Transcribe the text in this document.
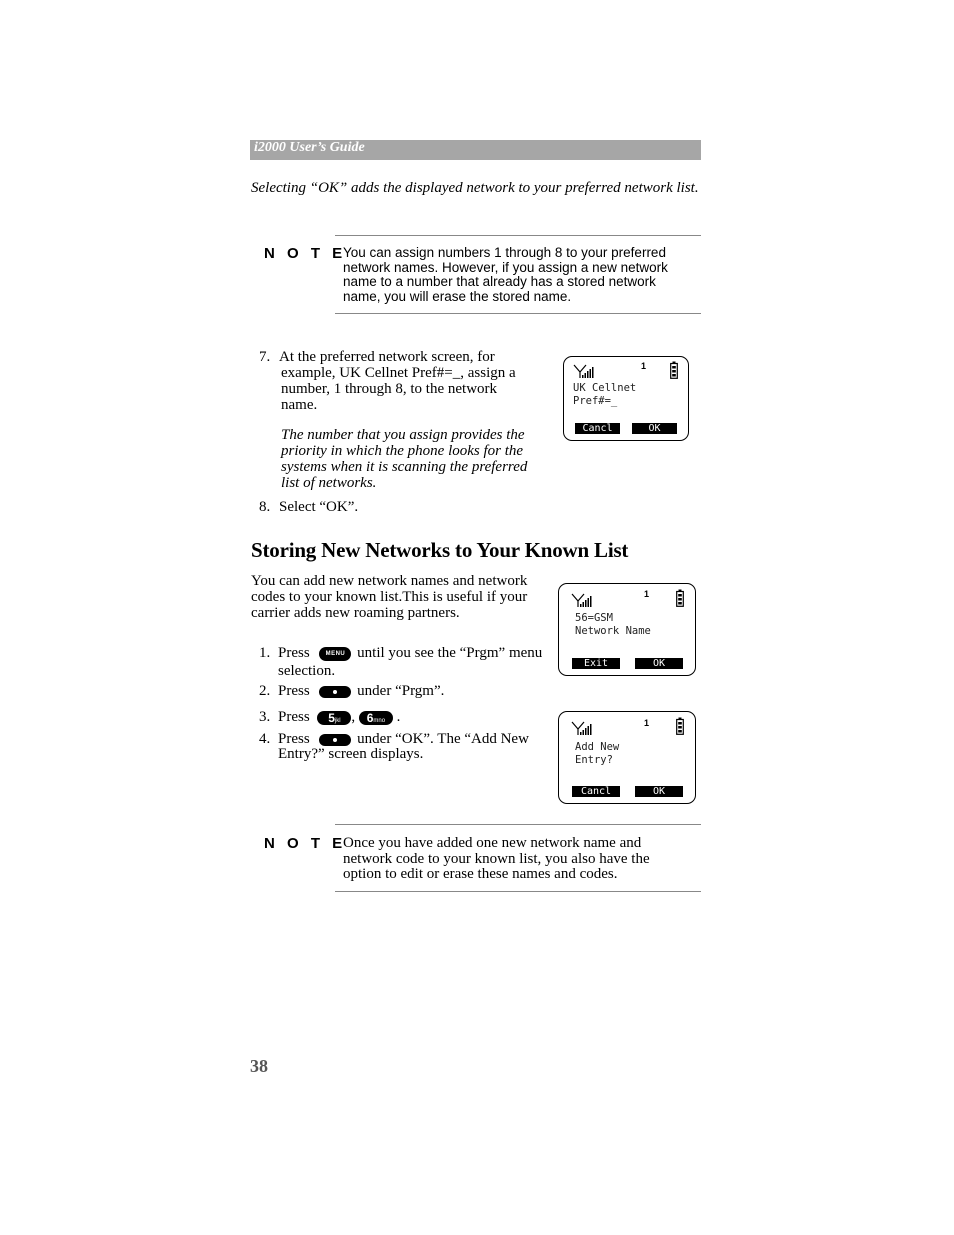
i2000 User’s Guide
Selecting “OK” adds the displayed network to your preferred network list.
N O T E
You can assign numbers 1 through 8 to your preferred
network names. However, if you assign a new network
name to a number that already has a stored network
name, you will erase the stored name.
7. At the preferred network screen, for
example, UK Cellnet Pref#=_, assign a
number, 1 through 8, to the network
name.
The number that you assign provides the
priority in which the phone looks for the
systems when it is scanning the preferred
list of networks.
8. Select “OK”.
1
UK Cellnet
Pref#=_
Cancl	OK
Storing New Networks to Your Known List
You can add new network names and network
codes to your known list.This is useful if your
carrier adds new roaming partners.
1. Press	MENU until you see the “Prgm” menu
selection.
2. Press	under “Prgm”.
3. Press 5jkl , 6mno .
4. Press	under “OK”. The “Add New
Entry?” screen displays.
1
56=GSM
Network Name
Exit	OK
1
Add New
Entry?
Cancl	OK
N O T E
Once you have added one new network name and
network code to your known list, you also have the
option to edit or erase these names and codes.
38
